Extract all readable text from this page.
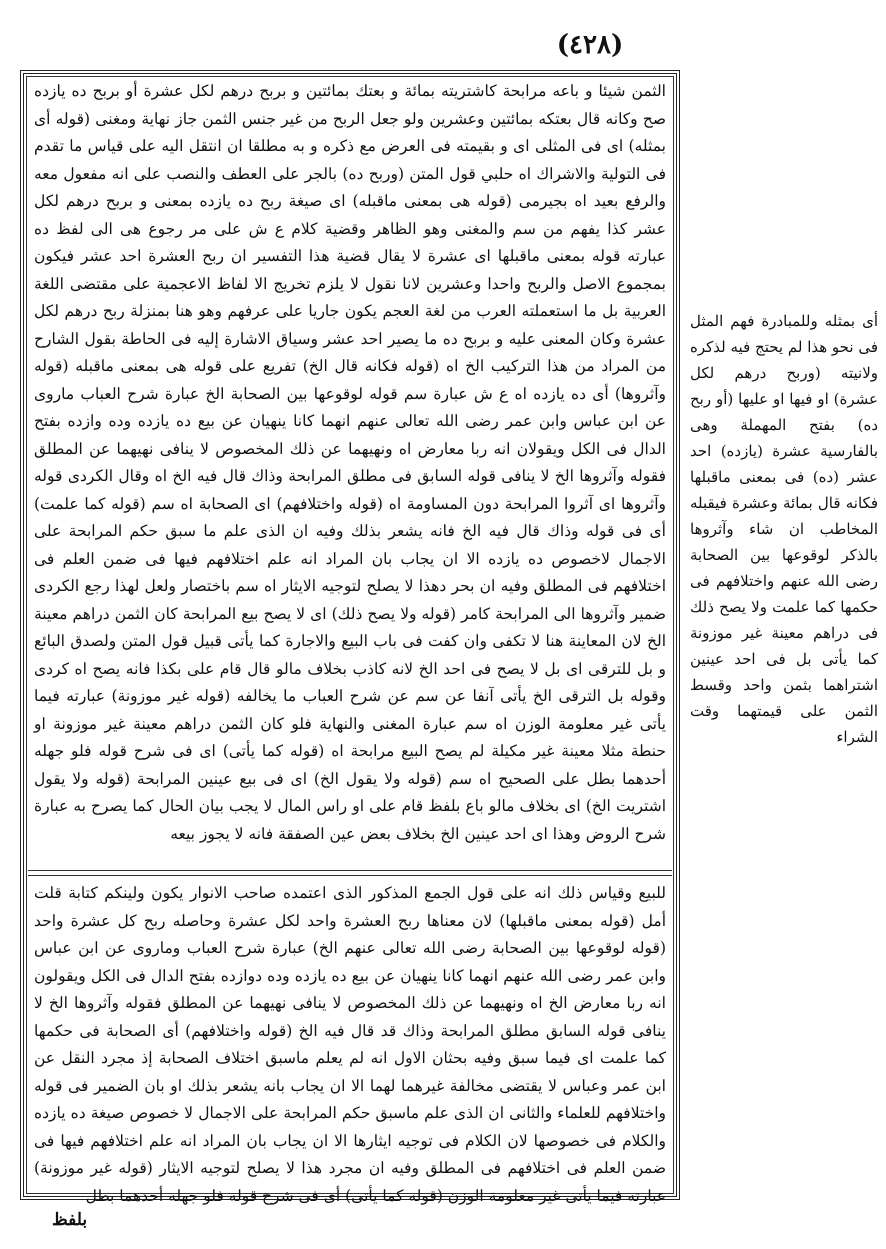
(٤٢٨)

الثمن شيئا و باعه مرابحة كاشتريته بمائة و بعتك بمائتين و بربح درهم لكل عشرة أو بربح ده يازده صح وكانه قال بعتكه بمائتين وعشرين ولو جعل الربح من غير جنس الثمن جاز نهاية ومغنى (قوله أى بمثله) اى فى المثلى اى و بقيمته فى العرض مع ذكره و به مطلقا ان انتقل اليه على قياس ما تقدم فى التولية والاشراك اه حلبي قول المتن (وربح ده) بالجر على العطف والنصب على انه مفعول معه والرفع بعيد اه بجيرمى (قوله هى بمعنى ماقبله) اى صيغة ربح ده يازده بمعنى و بربح درهم لكل عشر كذا يفهم من سم والمغنى وهو الظاهر وقضية كلام ع ش على مر رجوع هى الى لفظ ده عبارته قوله بمعنى ماقبلها اى عشرة لا يقال قضية هذا التفسير ان ربح العشرة احد عشر فيكون بمجموع الاصل والربح واحدا وعشرين لانا نقول لا يلزم تخريج الا لفاظ الاعجمية على مقتضى اللغة العربية بل ما استعملته العرب من لغة العجم يكون جاريا على عرفهم وهو هنا بمنزلة ربح درهم لكل عشرة وكان المعنى عليه و بربح ده ما يصير احد عشر وسياق الاشارة إليه فى الحاطة بقول الشارح من المراد من هذا التركيب الخ اه (قوله فكانه قال الخ) تفريع على قوله هى بمعنى ماقبله (قوله وآثروها) أى ده يازده اه ع ش عبارة سم قوله لوقوعها بين الصحابة الخ عبارة شرح العباب ماروى عن ابن عباس وابن عمر رضى الله تعالى عنهم انهما كانا ينهيان عن بيع ده يازده وده وازده بفتح الدال فى الكل ويقولان انه ربا معارض اه ونهيهما عن ذلك المخصوص لا ينافى نهيهما عن المطلق فقوله وآثروها الخ لا ينافى قوله السابق فى مطلق المرابحة وذاك قال فيه الخ اه وقال الكردى قوله وآثروها اى آثروا المرابحة دون المساومة اه (قوله واختلافهم) اى الصحابة اه سم (قوله كما علمت) أى فى قوله وذاك قال فيه الخ فانه يشعر بذلك وفيه ان الذى علم ما سبق حكم المرابحة على الاجمال لاخصوص ده يازده الا ان يجاب بان المراد انه علم اختلافهم فيها فى ضمن العلم فى اختلافهم فى المطلق وفيه ان بحر دهذا لا يصلح لتوجيه الايثار اه سم باختصار ولعل لهذا رجع الكردى ضمير وآثروها الى المرابحة كامر (قوله ولا يصح ذلك) اى لا يصح بيع المرابحة كان الثمن دراهم معينة الخ لان المعاينة هنا لا تكفى وان كفت فى باب البيع والاجارة كما يأتى قبيل قول المتن ولصدق البائع و بل للترقى اى بل لا يصح فى احد الخ لانه كاذب بخلاف مالو قال قام على بكذا فانه يصح اه كردى وقوله بل الترقى الخ يأتى آنفا عن سم عن شرح العباب ما يخالفه (قوله غير موزونة) عبارته فيما يأتى غير معلومة الوزن اه سم عبارة المغنى والنهاية فلو كان الثمن دراهم معينة غير موزونة او حنطة مثلا معينة غير مكيلة لم يصح البيع مرابحة اه (قوله كما يأتى) اى فى شرح قوله فلو جهله أحدهما بطل على الصحيح اه سم (قوله ولا يقول الخ) اى فى بيع عينين المرابحة (قوله ولا يقول اشتريت الخ) اى بخلاف مالو باع بلفظ قام على او راس المال لا يجب بيان الحال كما يصرح به عبارة شرح الروض وهذا اى احد عينين الخ بخلاف بعض عين الصفقة فانه لا يجوز بيعه

للبيع وقياس ذلك انه على قول الجمع المذكور الذى اعتمده صاحب الانوار يكون ولينكم كتابة قلت أمل (قوله بمعنى ماقبلها) لان معناها ربح العشرة واحد لكل عشرة وحاصله ربح كل عشرة واحد (قوله لوقوعها بين الصحابة رضى الله تعالى عنهم الخ) عبارة شرح العباب وماروى عن ابن عباس وابن عمر رضى الله عنهم انهما كانا ينهيان عن بيع ده يازده وده دوازده بفتح الدال فى الكل ويقولون انه ربا معارض الخ اه ونهيهما عن ذلك المخصوص لا ينافى نهيهما عن المطلق فقوله وآثروها الخ لا ينافى قوله السابق مطلق المرابحة وذاك قد قال فيه الخ (قوله واختلافهم) أى الصحابة فى حكمها كما علمت اى فيما سبق وفيه بحثان الاول انه لم يعلم ماسبق اختلاف الصحابة إذ مجرد النقل عن ابن عمر وعباس لا يقتضى مخالفة غيرهما لهما الا ان يجاب بانه يشعر بذلك او بان الضمير فى قوله واختلافهم للعلماء والثانى ان الذى علم ماسبق حكم المرابحة على الاجمال لا خصوص صيغة ده يازده والكلام فى خصوصها لان الكلام فى توجيه ايثارها الا ان يجاب بان المراد انه علم اختلافهم فيها فى ضمن العلم فى اختلافهم فى المطلق وفيه ان مجرد هذا لا يصلح لتوجيه الايثار (قوله غير موزونة) عبارته فيما يأتى غير معلومة الوزن (قوله كما يأتى) أى فى شرح قوله فلو جهله أحدهما بطل

أى بمثله وللمبادرة فهم المثل فى نحو هذا لم يحتج فيه لذكره ولانيته (وربح درهم لكل عشرة) او فيها او عليها (أو ربح ده) بفتح المهملة وهى بالفارسية عشرة (يازده) احد عشر (ده) فى بمعنى ماقبلها فكانه قال بمائة وعشرة فيقبله المخاطب ان شاء وآثروها بالذكر لوقوعها بين الصحابة رضى الله عنهم واختلافهم فى حكمها كما علمت ولا يصح ذلك فى دراهم معينة غير موزونة كما يأتى بل فى احد عينين اشتراهما بثمن واحد وقسط الثمن على قيمتهما وقت الشراء

بلفظ
